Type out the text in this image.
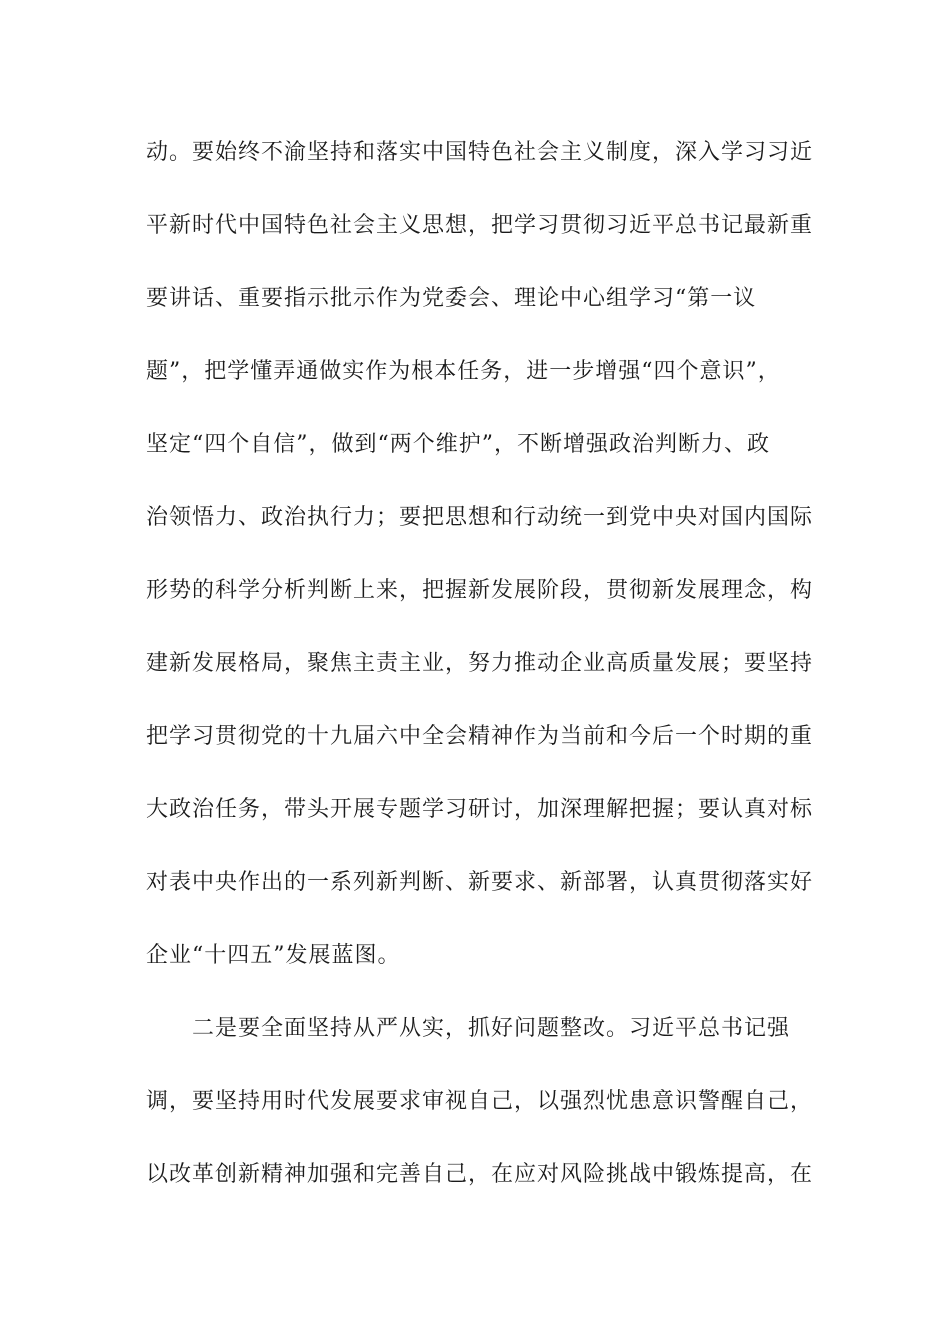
动。要始终不渝坚持和落实中国特色社会主义制度，深入学习习近
平新时代中国特色社会主义思想，把学习贯彻习近平总书记最新重
要讲话、重要指示批示作为党委会、理论中心组学习“第一议
题”，把学懂弄通做实作为根本任务，进一步增强“四个意识”，
坚定“四个自信”，做到“两个维护”，不断增强政治判断力、政
治领悟力、政治执行力；要把思想和行动统一到党中央对国内国际
形势的科学分析判断上来，把握新发展阶段，贯彻新发展理念，构
建新发展格局，聚焦主责主业，努力推动企业高质量发展；要坚持
把学习贯彻党的十九届六中全会精神作为当前和今后一个时期的重
大政治任务，带头开展专题学习研讨，加深理解把握；要认真对标
对表中央作出的一系列新判断、新要求、新部署，认真贯彻落实好
企业“十四五”发展蓝图。
二是要全面坚持从严从实，抓好问题整改。习近平总书记强
调，要坚持用时代发展要求审视自己，以强烈忧患意识警醒自己，
以改革创新精神加强和完善自己，在应对风险挑战中锻炼提高，在
